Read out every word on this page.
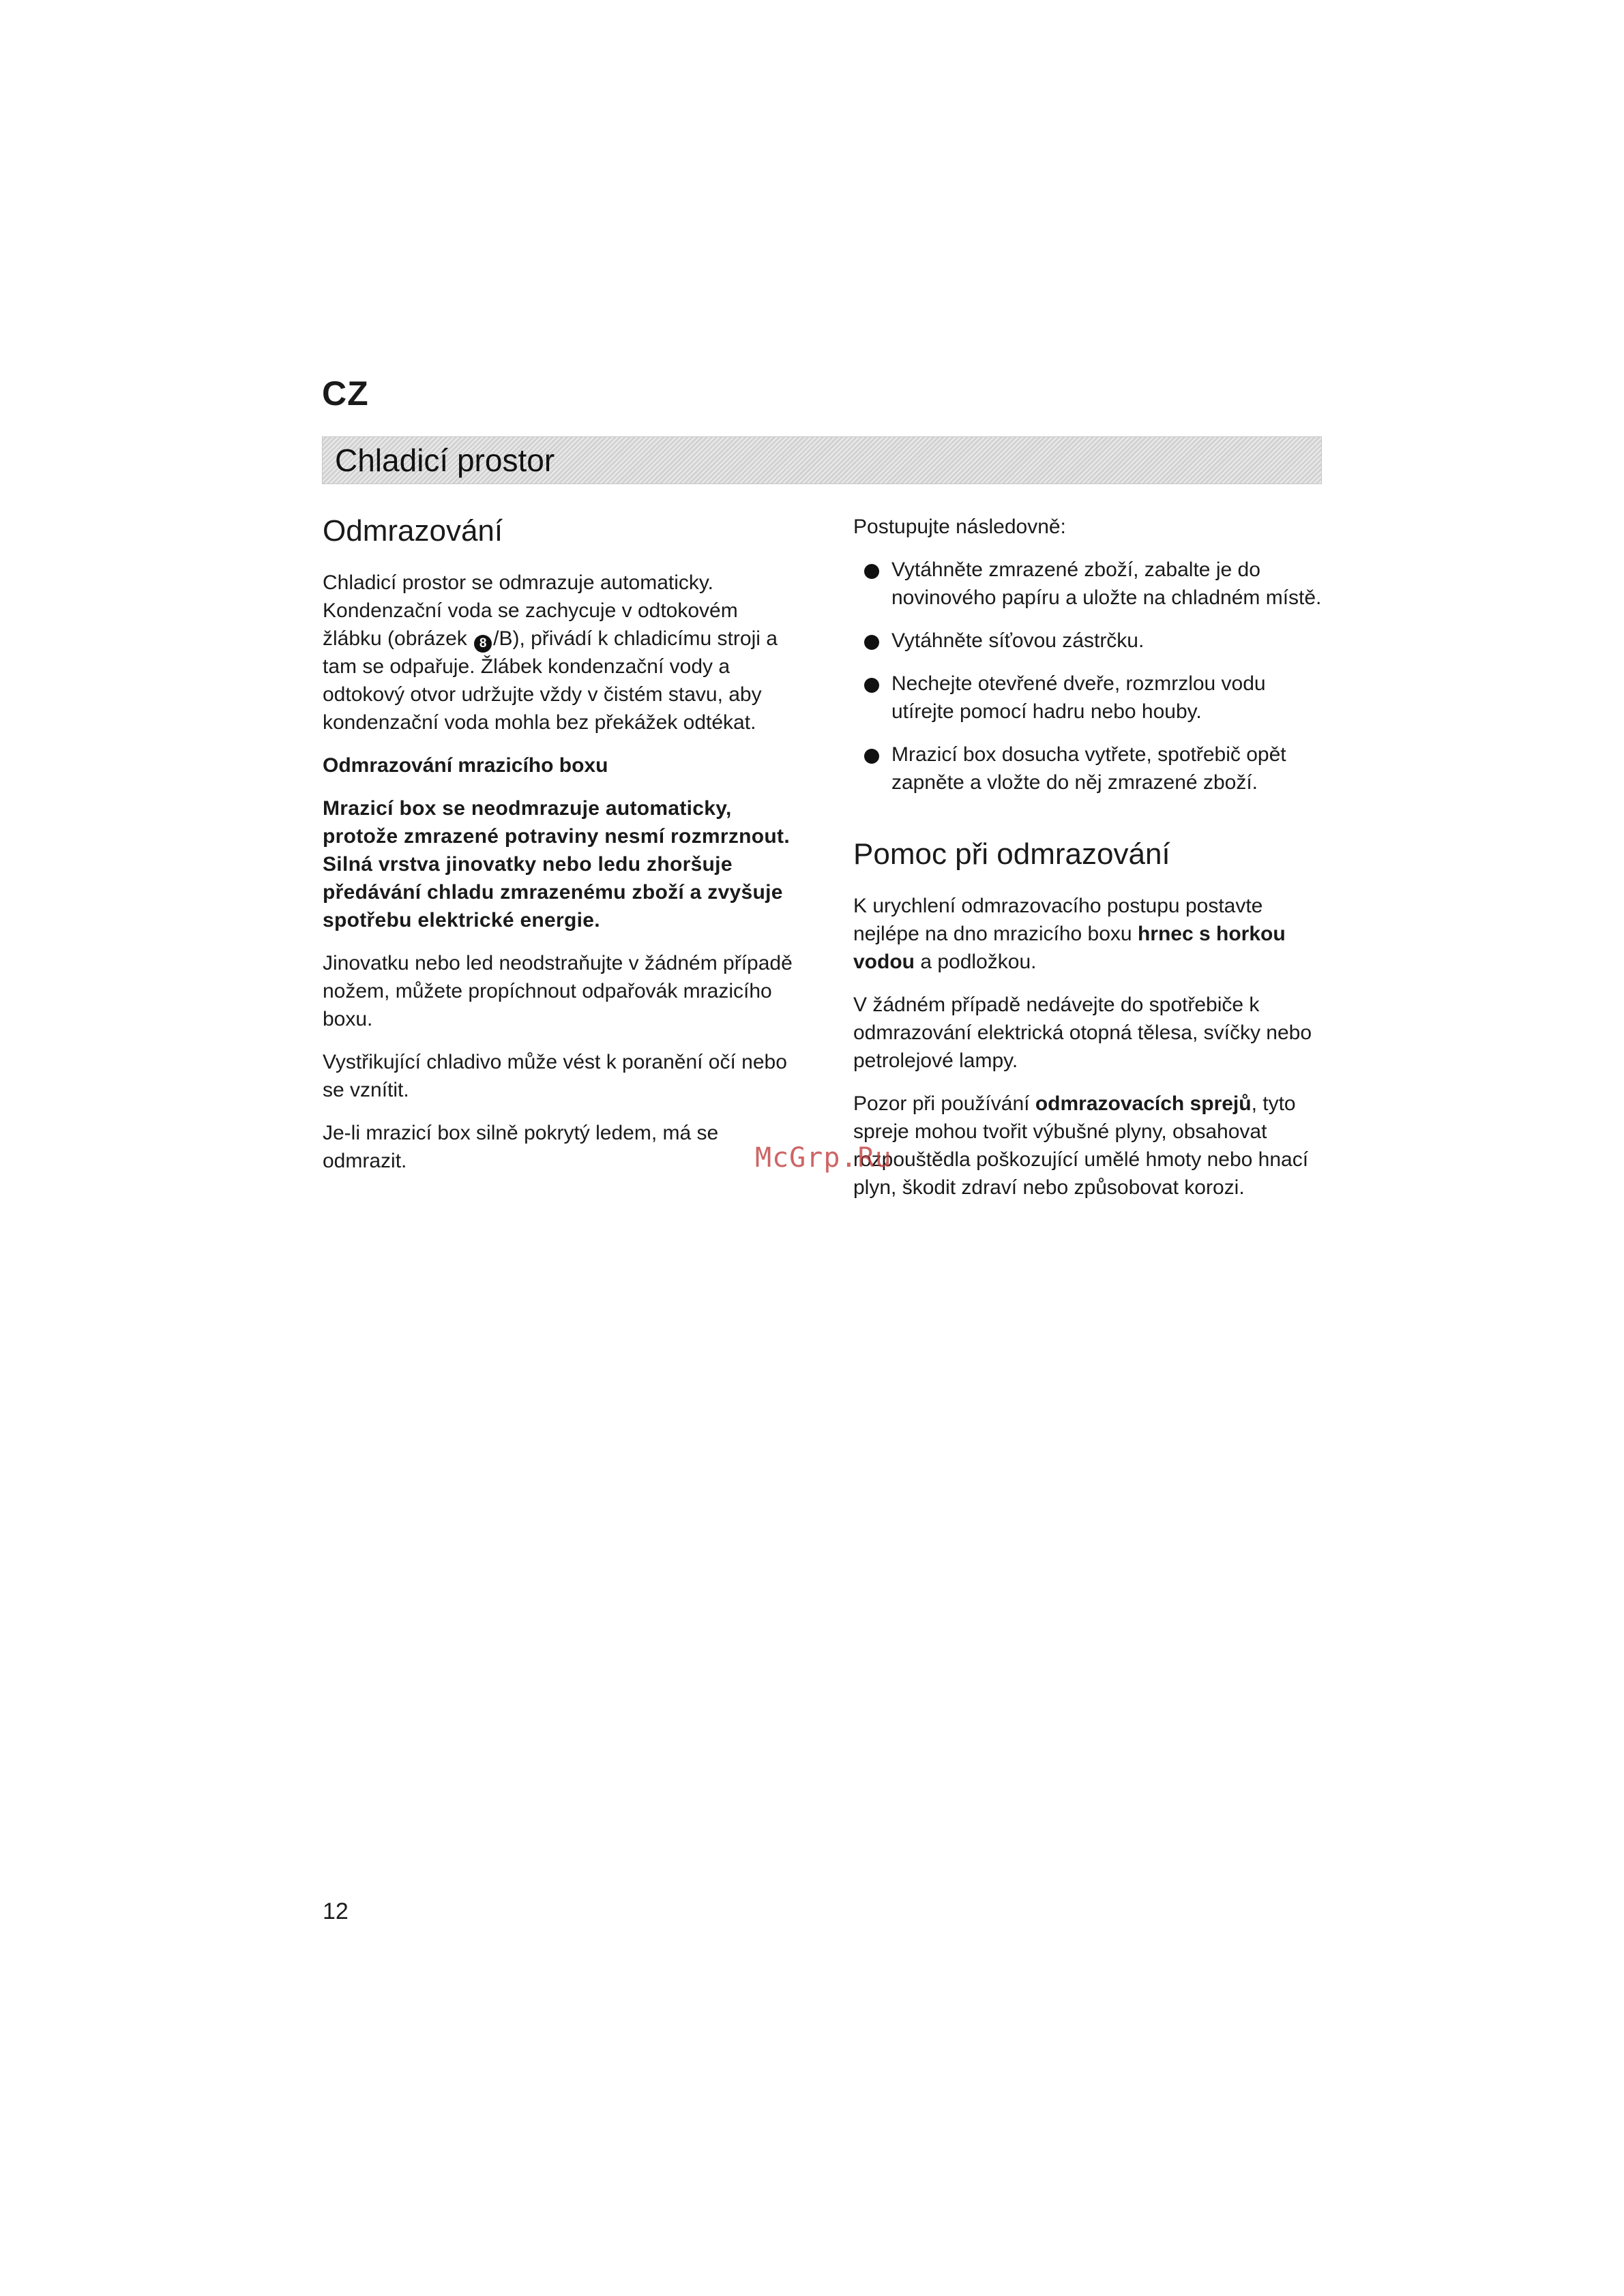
CZ
Chladicí prostor
Odmrazování

Chladicí prostor se odmrazuje automaticky. Kondenzační voda se zachycuje v odtokovém žlábku (obrázek 8 /B), přivádí k chladicímu stroji a tam se odpařuje. Žlábek kondenzační vody a odtokový otvor udržujte vždy v čistém stavu, aby kondenzační voda mohla bez překážek odtékat.

Odmrazování mrazicího boxu

Mrazicí box se neodmrazuje automaticky, protože zmrazené potraviny nesmí rozmrznout. Silná vrstva jinovatky nebo ledu zhoršuje předávání chladu zmrazenému zboží a zvyšuje spotřebu elektrické energie.

Jinovatku nebo led neodstraňujte v žádném případě nožem, můžete propíchnout odpařovák mrazicího boxu.

Vystřikující chladivo může vést k poranění očí nebo se vznítit.

Je-li mrazicí box silně pokrytý ledem, má se odmrazit.

Postupujte následovně:

Vytáhněte zmrazené zboží, zabalte je do novinového papíru a uložte na chladném místě.
Vytáhněte síťovou zástrčku.
Nechejte otevřené dveře, rozmrzlou vodu utírejte pomocí hadru nebo houby.
Mrazicí box dosucha vytřete, spotřebič opět zapněte a vložte do něj zmrazené zboží.
Pomoc při odmrazování

K urychlení odmrazovacího postupu postavte nejlépe na dno mrazicího boxu hrnec s horkou vodou a podložkou.

V žádném případě nedávejte do spotřebiče k odmrazování elektrická otopná tělesa, svíčky nebo petrolejové lampy.

Pozor při používání odmrazovacích sprejů, tyto spreje mohou tvořit výbušné plyny, obsahovat rozpouštědla poškozující umělé hmoty nebo hnací plyn, škodit zdraví nebo způsobovat korozi.

12
McGrp.Ru
